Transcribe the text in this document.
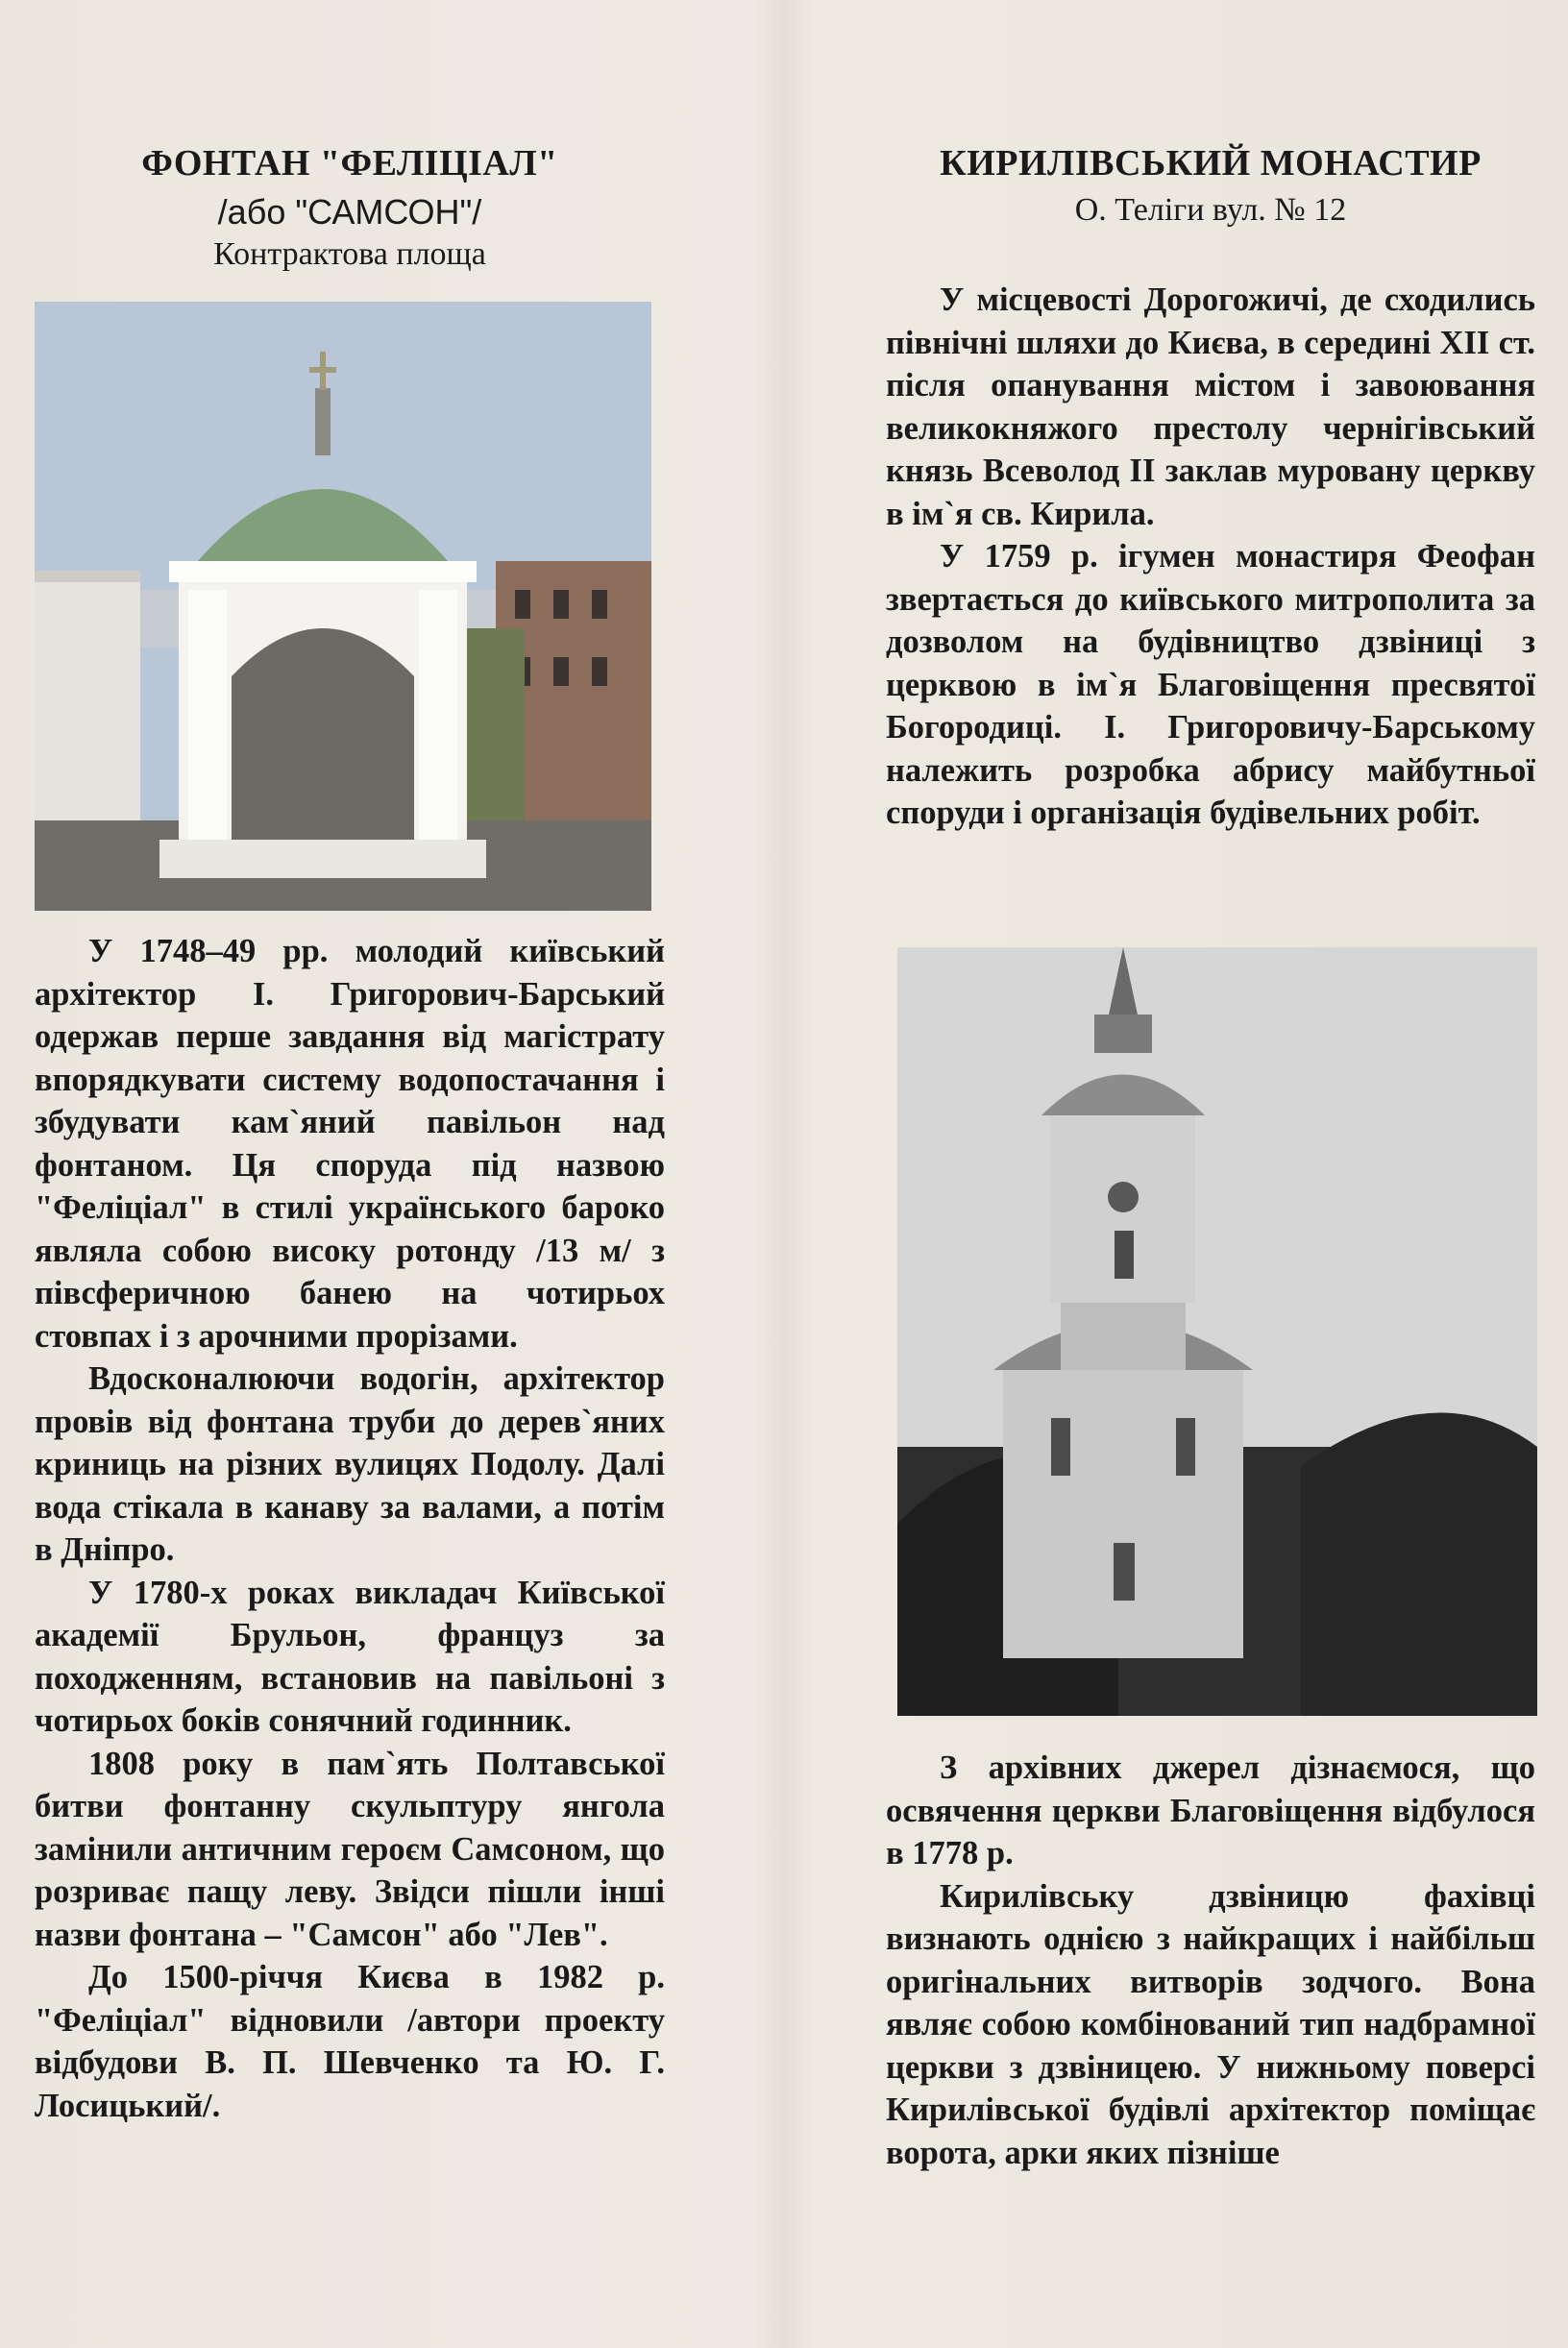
ФОНТАН "ФЕЛІЦІАЛ"
/або "САМСОН"/
Контрактова площа

У 1748–49 рр. молодий київський архітектор І. Григорович-Барський одержав перше завдання від магістрату впорядкувати систему водопостачання і збудувати кам`яний павільон над фонтаном. Ця споруда під назвою "Феліціал" в стилі українського бароко являла собою високу ротонду /13 м/ з півсферичною банею на чотирьох стовпах і з арочними прорізами.

Вдосконалюючи водогін, архітектор провів від фонтана труби до дерев`яних криниць на різних вулицях Подолу. Далі вода стікала в канаву за валами, а потім в Дніпро.

У 1780-х роках викладач Київської академії Брульон, француз за походженням, встановив на павільоні з чотирьох боків сонячний годинник.

1808 року в пам`ять Полтавської битви фонтанну скульптуру янгола замінили античним героєм Самсоном, що розриває пащу леву. Звідси пішли інші назви фонтана – "Самсон" або "Лев".

До 1500-річчя Києва в 1982 р. "Феліціал" відновили /автори проекту відбудови В. П. Шевченко та Ю. Г. Лосицький/.

КИРИЛІВСЬКИЙ МОНАСТИР
О. Теліги вул. № 12

У місцевості Дорогожичі, де сходились північні шляхи до Києва, в середині XII ст. після опанування містом і завоювання великокняжого престолу чернігівський князь Всеволод II заклав муровану церкву в ім`я св. Кирила.

У 1759 р. ігумен монастиря Феофан звертається до київського митрополита за дозволом на будівництво дзвіниці з церквою в ім`я Благовіщення пресвятої Богородиці. І. Григоровичу-Барському належить розробка абрису майбутньої споруди і організація будівельних робіт.

З архівних джерел дізнаємося, що освячення церкви Благовіщення відбулося в 1778 р.

Кирилівську дзвіницю фахівці визнають однією з найкращих і найбільш оригінальних витворів зодчого. Вона являє собою комбінований тип надбрамної церкви з дзвіницею. У нижньому поверсі Кирилівської будівлі архітектор поміщає ворота, арки яких пізніше
